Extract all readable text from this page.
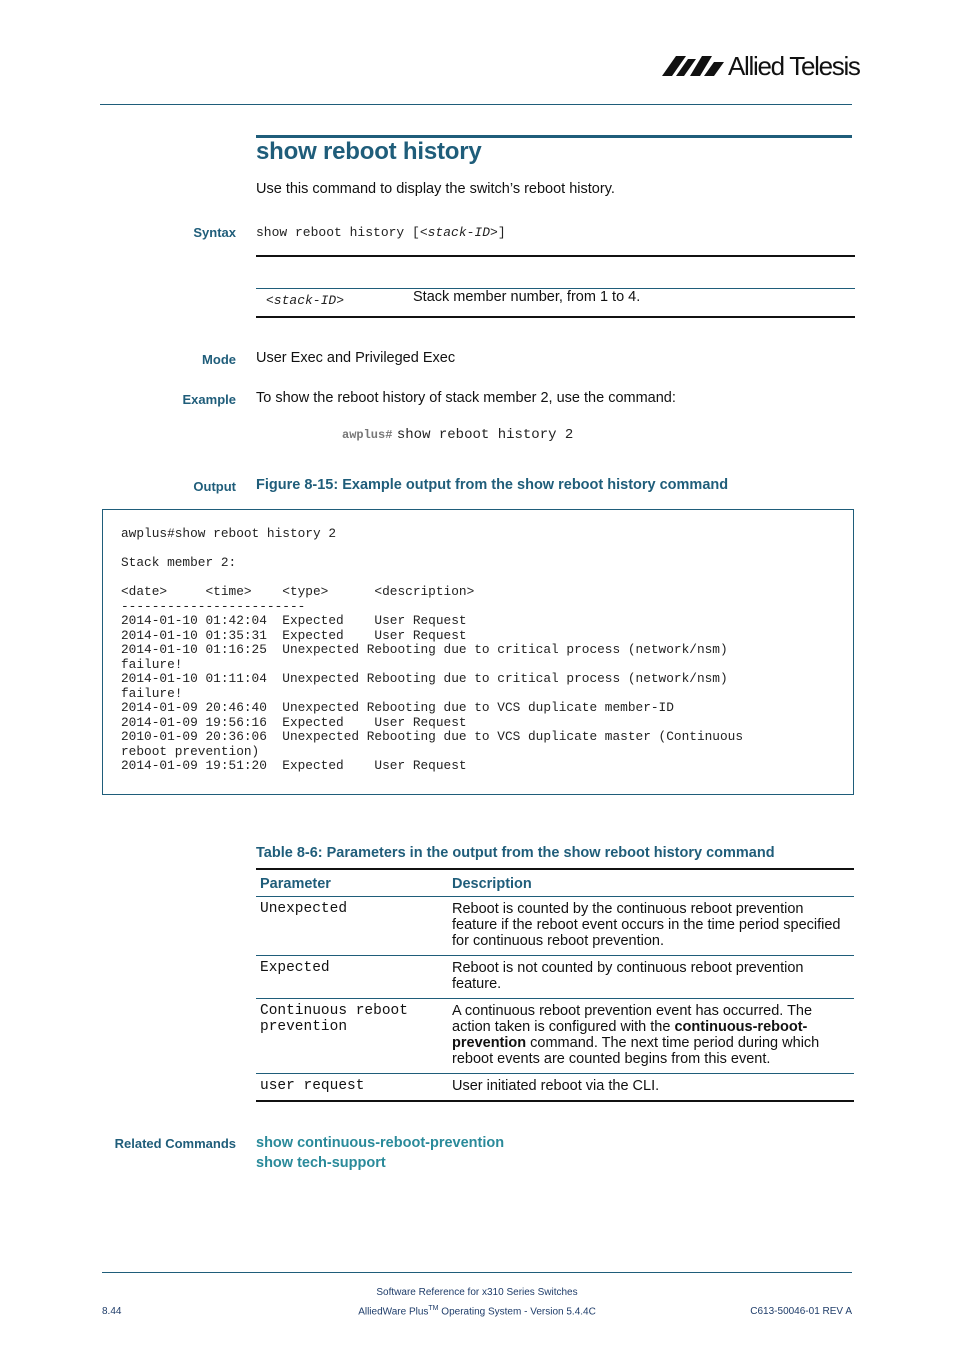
Allied Telesis
show reboot history
Use this command to display the switch’s reboot history.
Syntax show reboot history [<stack-ID>]
<stack-ID>	Stack member number, from 1 to 4.
Mode User Exec and Privileged Exec
Example To show the reboot history of stack member 2, use the command:
awplus# show reboot history 2
Output Figure 8-15: Example output from the show reboot history command
awplus#show reboot history 2

Stack member 2:

<date>     <time>    <type>      <description>
------------------------
2014-01-10 01:42:04  Expected    User Request
2014-01-10 01:35:31  Expected    User Request
2014-01-10 01:16:25  Unexpected Rebooting due to critical process (network/nsm)
failure!
2014-01-10 01:11:04  Unexpected Rebooting due to critical process (network/nsm)
failure!
2014-01-09 20:46:40  Unexpected Rebooting due to VCS duplicate member-ID
2014-01-09 19:56:16  Expected    User Request
2010-01-09 20:36:06  Unexpected Rebooting due to VCS duplicate master (Continuous
reboot prevention)
2014-01-09 19:51:20  Expected    User Request
Table 8-6: Parameters in the output from the show reboot history command
Parameter	Description
Unexpected	Reboot is counted by the continuous reboot prevention feature if the reboot event occurs in the time period specified for continuous reboot prevention.
Expected	Reboot is not counted by continuous reboot prevention feature.
Continuous reboot prevention	A continuous reboot prevention event has occurred. The action taken is configured with the continuous-reboot-prevention command. The next time period during which reboot events are counted begins from this event.
user request	User initiated reboot via the CLI.
Related Commands show continuous-reboot-prevention
show tech-support
Software Reference for x310 Series Switches
AlliedWare Plus™ Operating System - Version 5.4.4C
8.44	C613-50046-01 REV A
